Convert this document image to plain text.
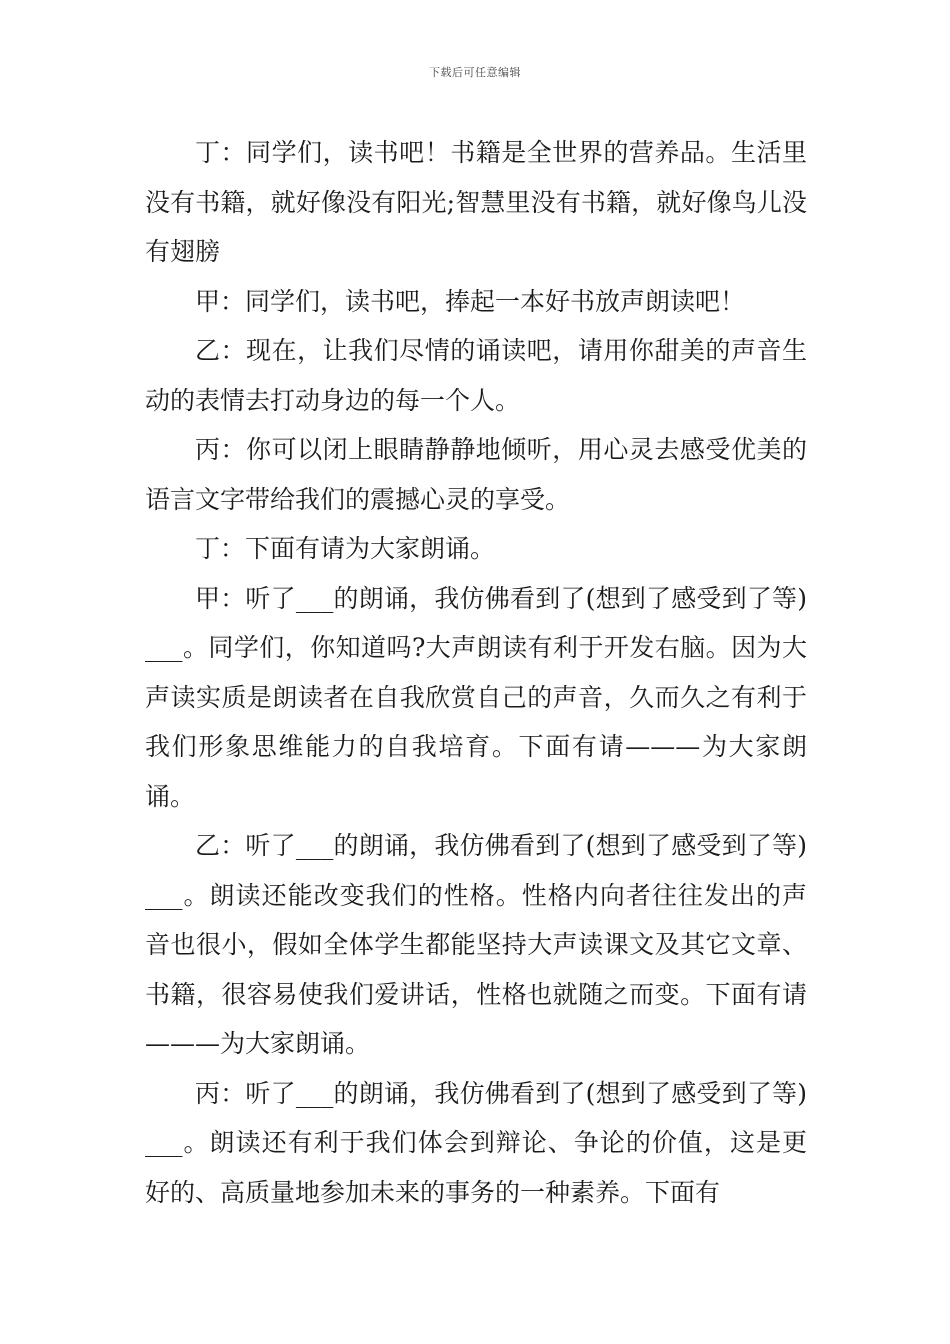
下载后可任意编辑

丁：同学们，读书吧！书籍是全世界的营养品。生活里没有书籍，就好像没有阳光;智慧里没有书籍，就好像鸟儿没有翅膀

甲：同学们，读书吧，捧起一本好书放声朗读吧！

乙：现在，让我们尽情的诵读吧，请用你甜美的声音生动的表情去打动身边的每一个人。

丙：你可以闭上眼睛静静地倾听，用心灵去感受优美的语言文字带给我们的震撼心灵的享受。

丁：下面有请为大家朗诵。

甲：听了___的朗诵，我仿佛看到了(想到了感受到了等)___。同学们，你知道吗?大声朗读有利于开发右脑。因为大声读实质是朗读者在自我欣赏自己的声音，久而久之有利于我们形象思维能力的自我培育。下面有请———为大家朗诵。

乙：听了___的朗诵，我仿佛看到了(想到了感受到了等)___。朗读还能改变我们的性格。性格内向者往往发出的声音也很小，假如全体学生都能坚持大声读课文及其它文章、书籍，很容易使我们爱讲话，性格也就随之而变。下面有请———为大家朗诵。

丙：听了___的朗诵，我仿佛看到了(想到了感受到了等)___。朗读还有利于我们体会到辩论、争论的价值，这是更好的、高质量地参加未来的事务的一种素养。下面有
